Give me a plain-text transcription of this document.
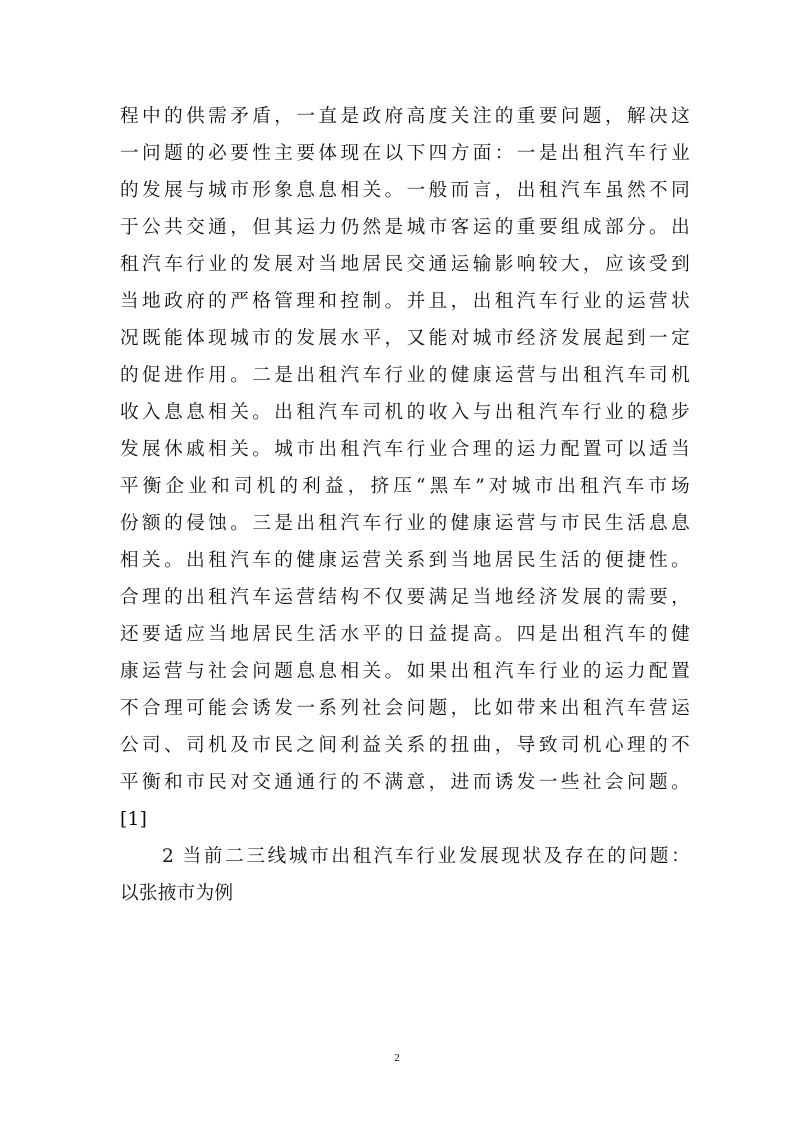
程中的供需矛盾，一直是政府高度关注的重要问题，解决这
一问题的必要性主要体现在以下四方面：一是出租汽车行业
的发展与城市形象息息相关。一般而言，出租汽车虽然不同
于公共交通，但其运力仍然是城市客运的重要组成部分。出
租汽车行业的发展对当地居民交通运输影响较大，应该受到
当地政府的严格管理和控制。并且，出租汽车行业的运营状
况既能体现城市的发展水平，又能对城市经济发展起到一定
的促进作用。二是出租汽车行业的健康运营与出租汽车司机
收入息息相关。出租汽车司机的收入与出租汽车行业的稳步
发展休戚相关。城市出租汽车行业合理的运力配置可以适当
平衡企业和司机的利益，挤压“黑车”对城市出租汽车市场
份额的侵蚀。三是出租汽车行业的健康运营与市民生活息息
相关。出租汽车的健康运营关系到当地居民生活的便捷性。
合理的出租汽车运营结构不仅要满足当地经济发展的需要，
还要适应当地居民生活水平的日益提高。四是出租汽车的健
康运营与社会问题息息相关。如果出租汽车行业的运力配置
不合理可能会诱发一系列社会问题，比如带来出租汽车营运
公司、司机及市民之间利益关系的扭曲，导致司机心理的不
平衡和市民对交通通行的不满意，进而诱发一些社会问题。
[1]
2 当前二三线城市出租汽车行业发展现状及存在的问题：
以张掖市为例
2
